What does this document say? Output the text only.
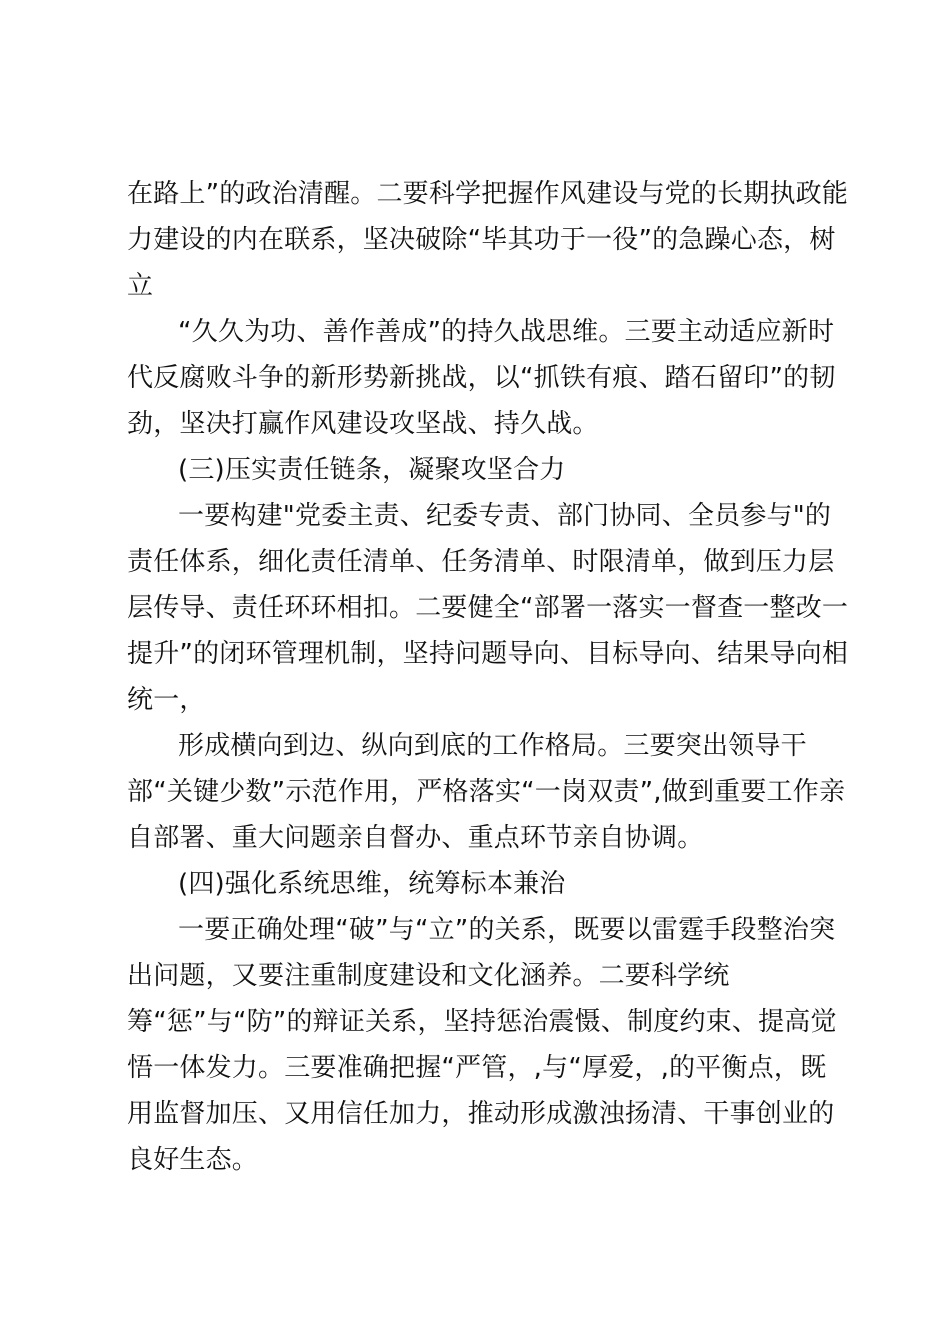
在路上”的政治清醒。二要科学把握作风建设与党的长期执政能
力建设的内在联系，坚决破除“毕其功于一役”的急躁心态，树
立
“久久为功、善作善成”的持久战思维。三要主动适应新时
代反腐败斗争的新形势新挑战，以“抓铁有痕、踏石留印”的韧
劲，坚决打赢作风建设攻坚战、持久战。
(三)压实责任链条，凝聚攻坚合力
一要构建"党委主责、纪委专责、部门协同、全员参与"的
责任体系，细化责任清单、任务清单、时限清单，做到压力层
层传导、责任环环相扣。二要健全“部署一落实一督查一整改一
提升”的闭环管理机制，坚持问题导向、目标导向、结果导向相
统一，
形成横向到边、纵向到底的工作格局。三要突出领导干
部“关键少数”示范作用，严格落实“一岗双责”,做到重要工作亲
自部署、重大问题亲自督办、重点环节亲自协调。
(四)强化系统思维，统筹标本兼治
一要正确处理“破”与“立”的关系，既要以雷霆手段整治突
出问题，又要注重制度建设和文化涵养。二要科学统
筹“惩”与“防”的辩证关系，坚持惩治震慑、制度约束、提高觉
悟一体发力。三要准确把握“严管，,与“厚爱，,的平衡点，既
用监督加压、又用信任加力，推动形成激浊扬清、干事创业的
良好生态。
